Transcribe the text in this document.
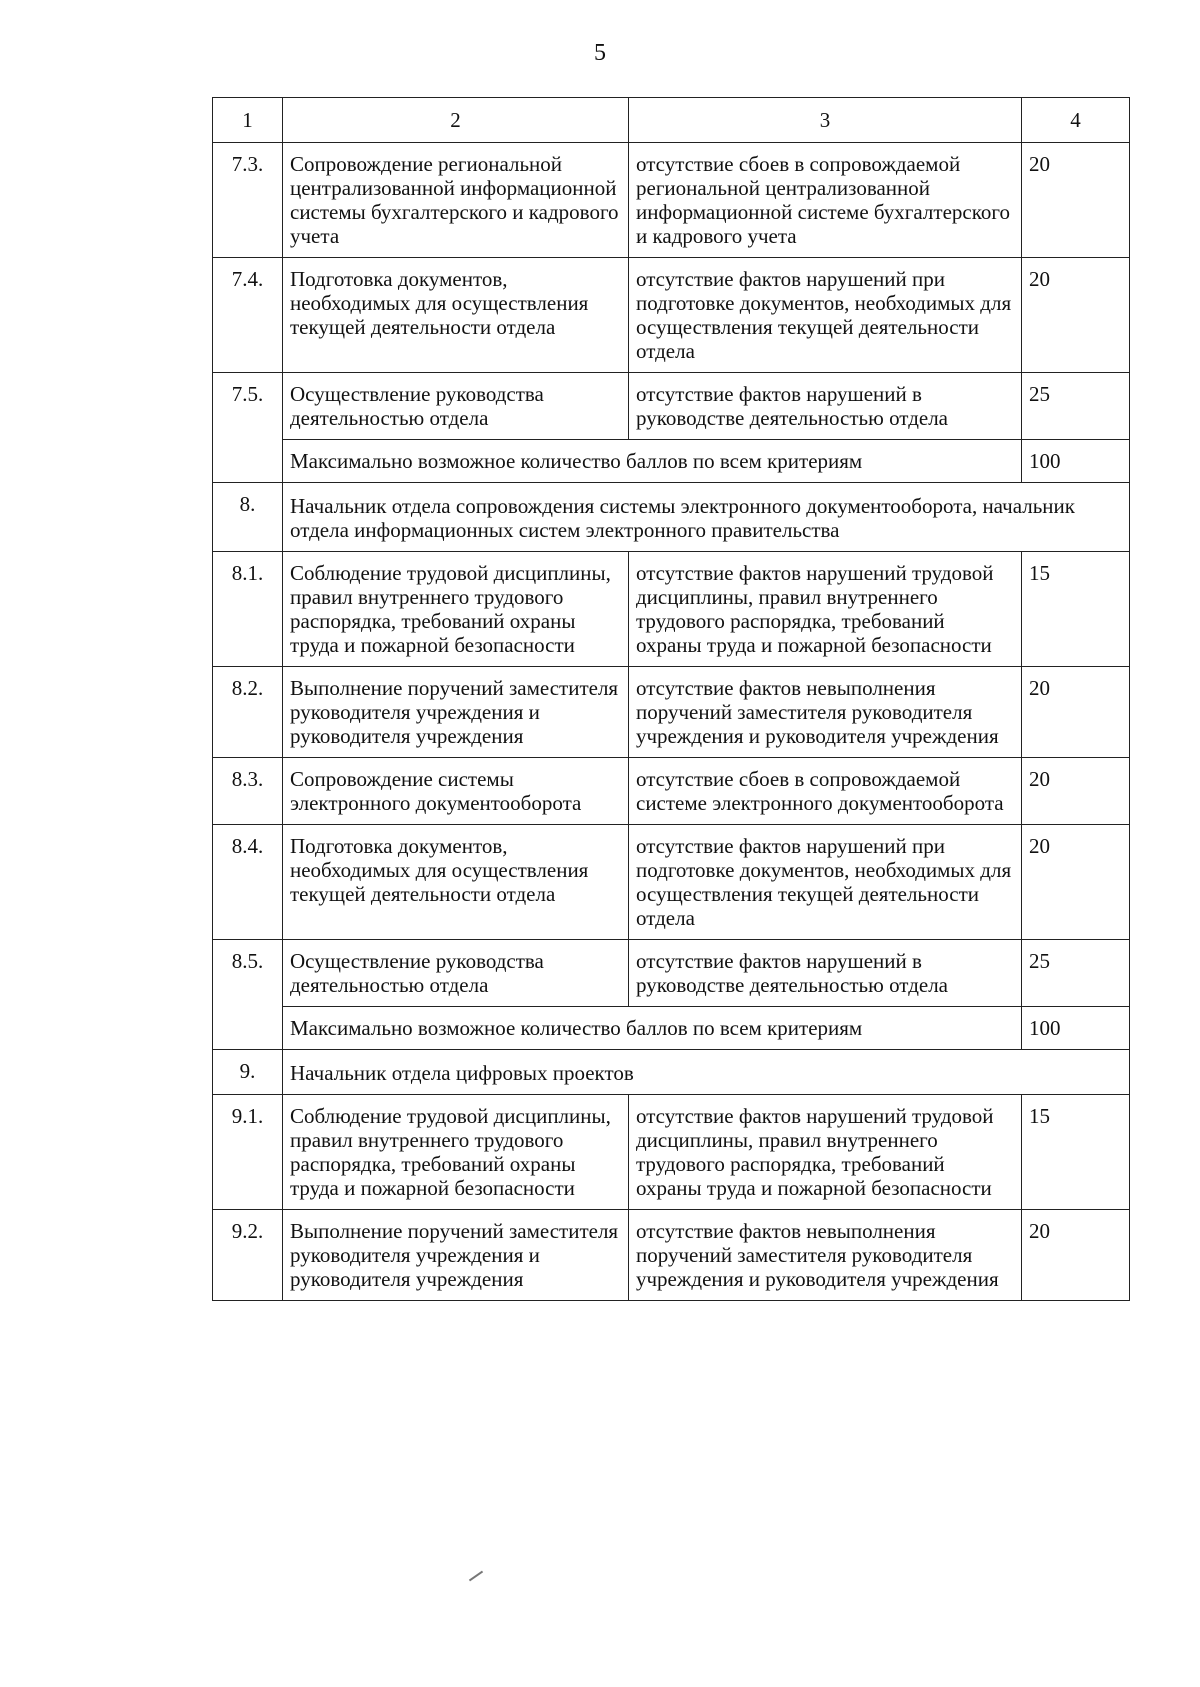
5
1	2	3	4
7.3.	Сопровождение региональной централизованной информационной системы бухгалтерского и кадрового учета	отсутствие сбоев в сопровождаемой региональной централизованной информационной системе бухгалтерского и кадрового учета	20
7.4.	Подготовка документов, необходимых для осуществления текущей деятельности отдела	отсутствие фактов нарушений при подготовке документов, необходимых для осуществления текущей деятельности отдела	20
7.5.	Осуществление руководства деятельностью отдела	отсутствие фактов нарушений в руководстве деятельностью отдела	25
	Максимально возможное количество баллов по всем критериям		100
8.	Начальник отдела сопровождения системы электронного документооборота, начальник отдела информационных систем электронного правительства		
8.1.	Соблюдение трудовой дисциплины, правил внутреннего трудового распорядка, требований охраны труда и пожарной безопасности	отсутствие фактов нарушений трудовой дисциплины, правил внутреннего трудового распорядка, требований охраны труда и пожарной безопасности	15
8.2.	Выполнение поручений заместителя руководителя учреждения и руководителя учреждения	отсутствие фактов невыполнения поручений заместителя руководителя учреждения и руководителя учреждения	20
8.3.	Сопровождение системы электронного документооборота	отсутствие сбоев в сопровождаемой системе электронного документооборота	20
8.4.	Подготовка документов, необходимых для осуществления текущей деятельности отдела	отсутствие фактов нарушений при подготовке документов, необходимых для осуществления текущей деятельности отдела	20
8.5.	Осуществление руководства деятельностью отдела	отсутствие фактов нарушений в руководстве деятельностью отдела	25
	Максимально возможное количество баллов по всем критериям		100
9.	Начальник отдела цифровых проектов		
9.1.	Соблюдение трудовой дисциплины, правил внутреннего трудового распорядка, требований охраны труда и пожарной безопасности	отсутствие фактов нарушений трудовой дисциплины, правил внутреннего трудового распорядка, требований охраны труда и пожарной безопасности	15
9.2.	Выполнение поручений заместителя руководителя учреждения и руководителя учреждения	отсутствие фактов невыполнения поручений заместителя руководителя учреждения и руководителя учреждения	20
